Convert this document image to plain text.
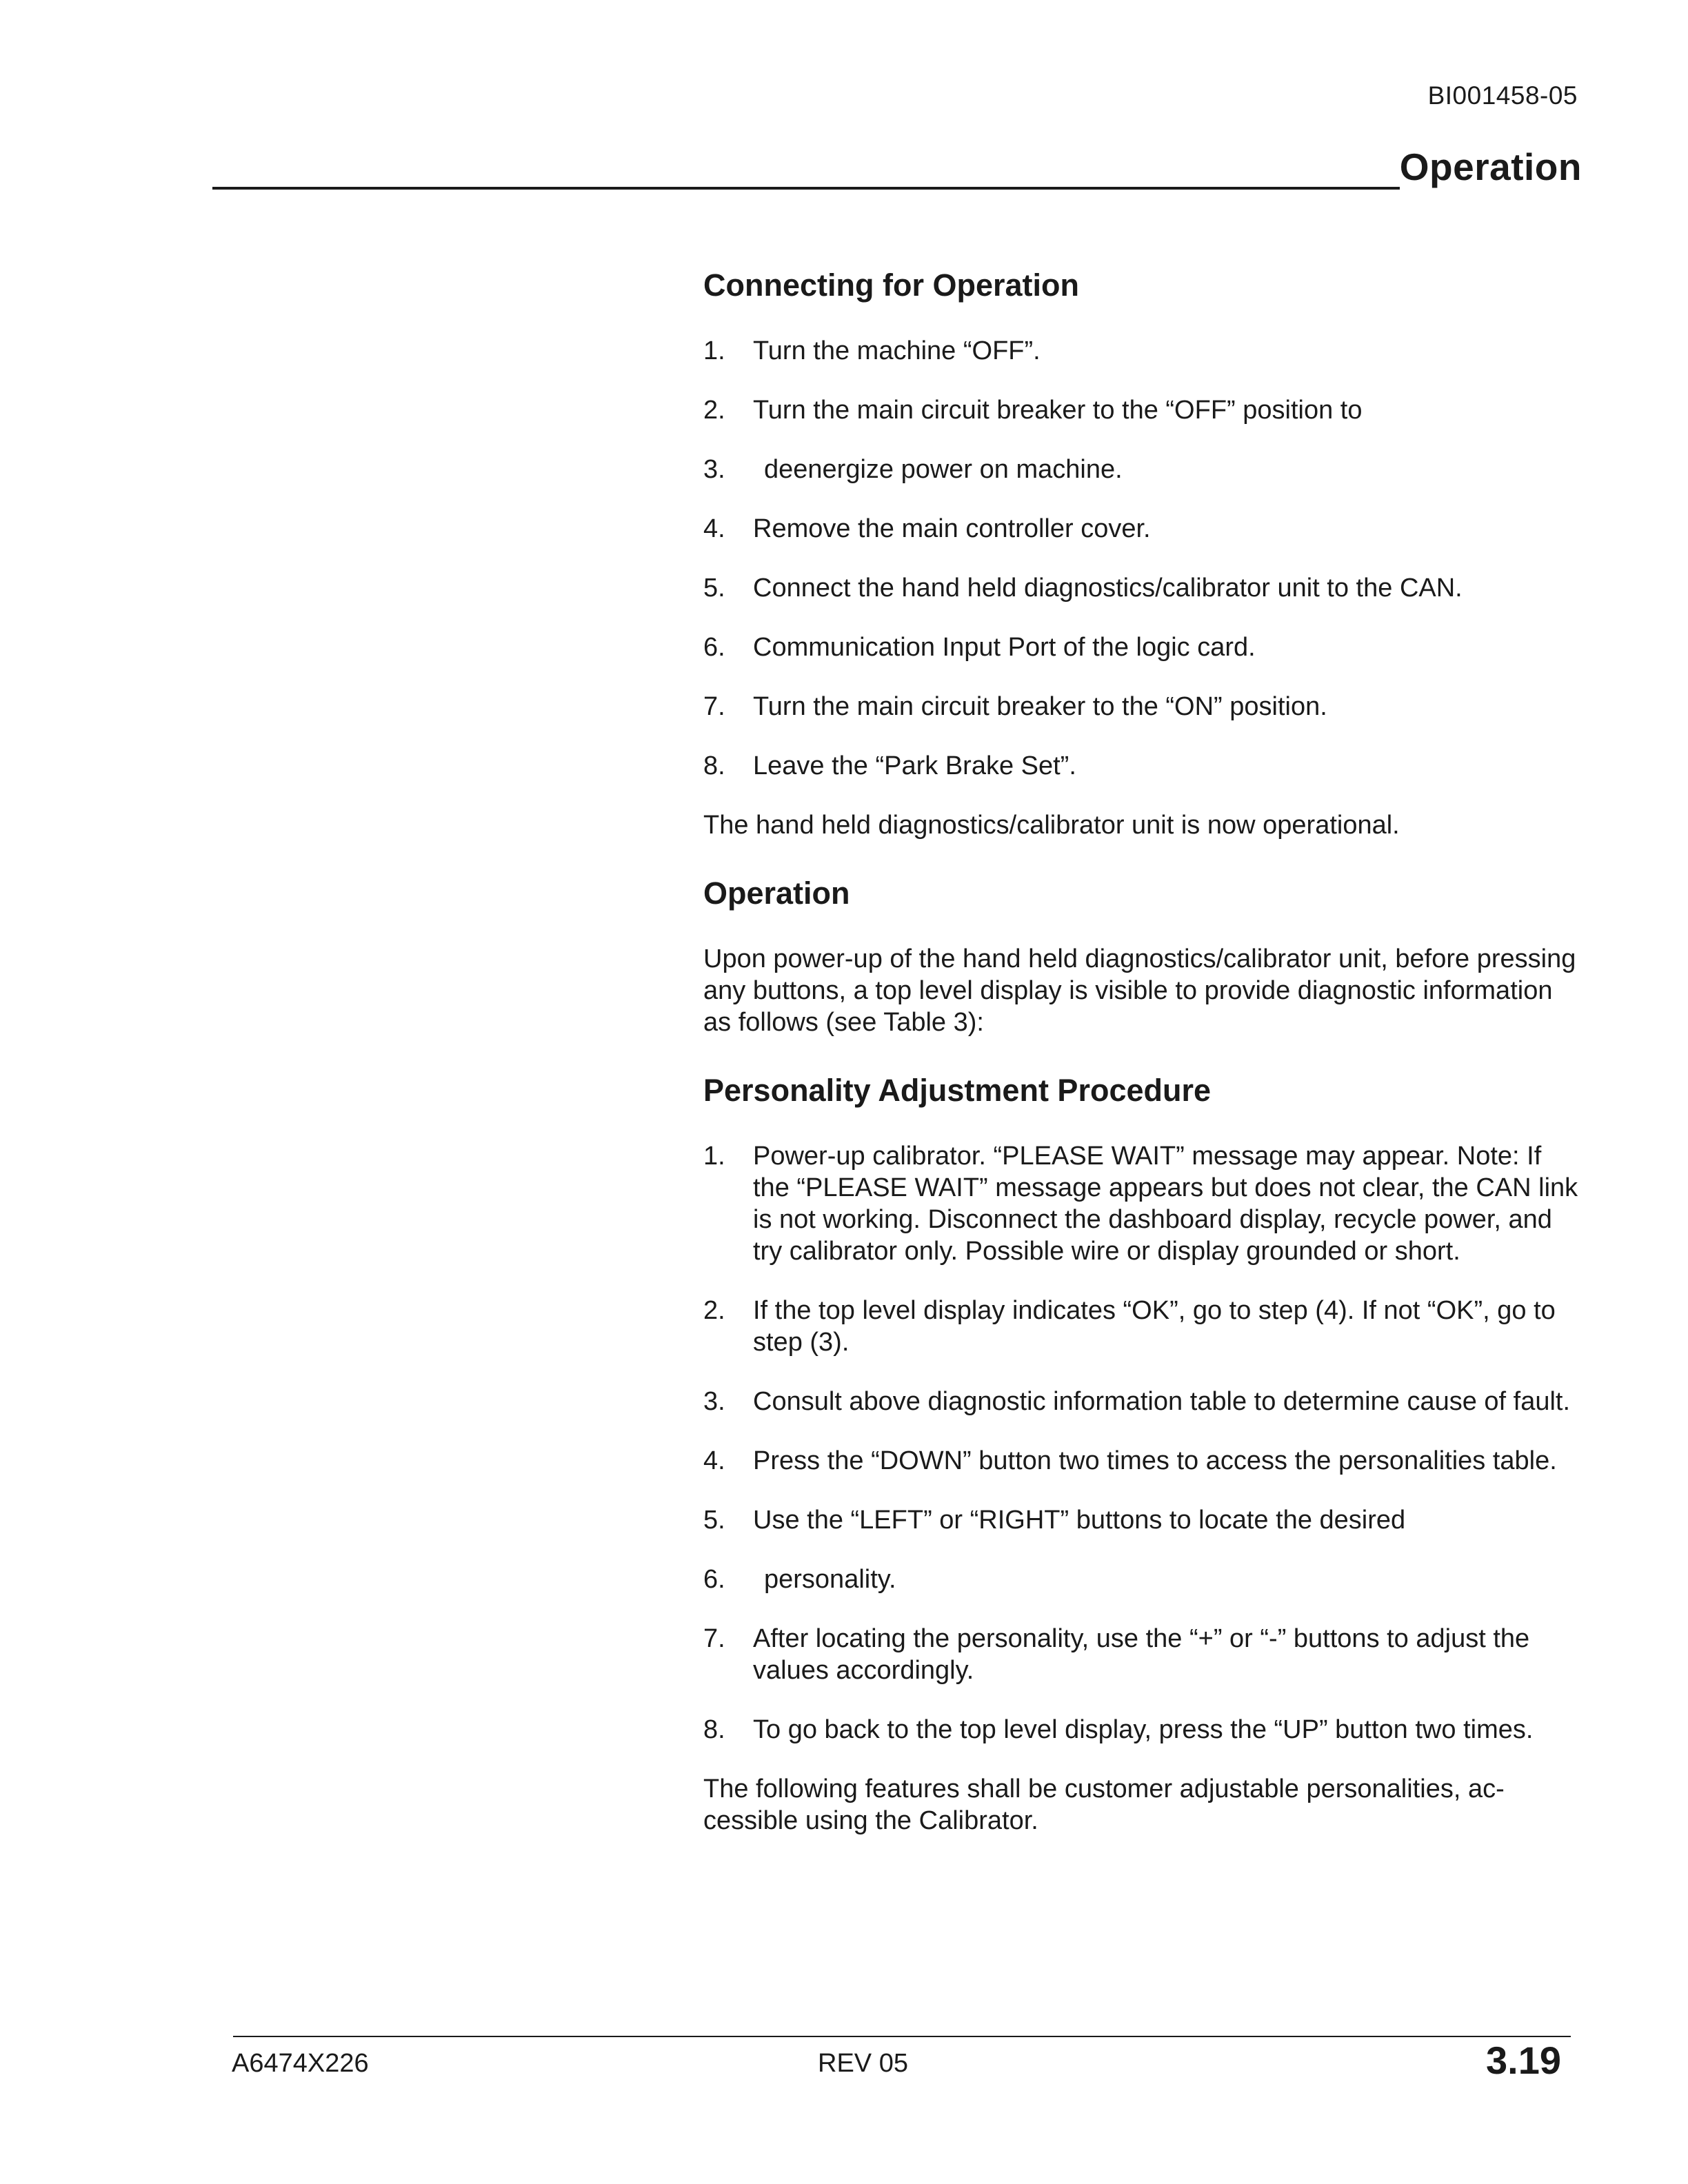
BI001458-05
Operation
Connecting for Operation
1. Turn the machine “OFF”.
2. Turn the main circuit breaker to the “OFF” position to
3. deenergize power on machine.
4. Remove the main controller cover.
5. Connect the hand held diagnostics/calibrator unit to the CAN.
6. Communication Input Port of the logic card.
7. Turn the main circuit breaker to the “ON” position.
8. Leave the “Park Brake Set”.

The hand held diagnostics/calibrator unit is now operational.

Operation

Upon power-up of the hand held diagnostics/calibrator unit, before pressing any buttons, a top level display is visible to provide diagnostic information as follows (see Table 3):

Personality Adjustment Procedure
1. Power-up calibrator. “PLEASE WAIT” message may appear. Note: If the “PLEASE WAIT” message appears but does not clear, the CAN link is not working. Disconnect the dashboard display, recycle power, and try calibrator only. Possible wire or display grounded or short.
2. If the top level display indicates “OK”, go to step (4). If not “OK”, go to step (3).
3. Consult above diagnostic information table to determine cause of fault.
4. Press the “DOWN” button two times to access the personalities table.
5. Use the “LEFT” or “RIGHT” buttons to locate the desired
6. personality.
7. After locating the personality, use the “+” or “-” buttons to adjust the values accordingly.
8. To go back to the top level display, press the “UP” button two times.

The following features shall be customer adjustable personalities, ac-cessible using the Calibrator.

A6474X226	REV 05	3.19
